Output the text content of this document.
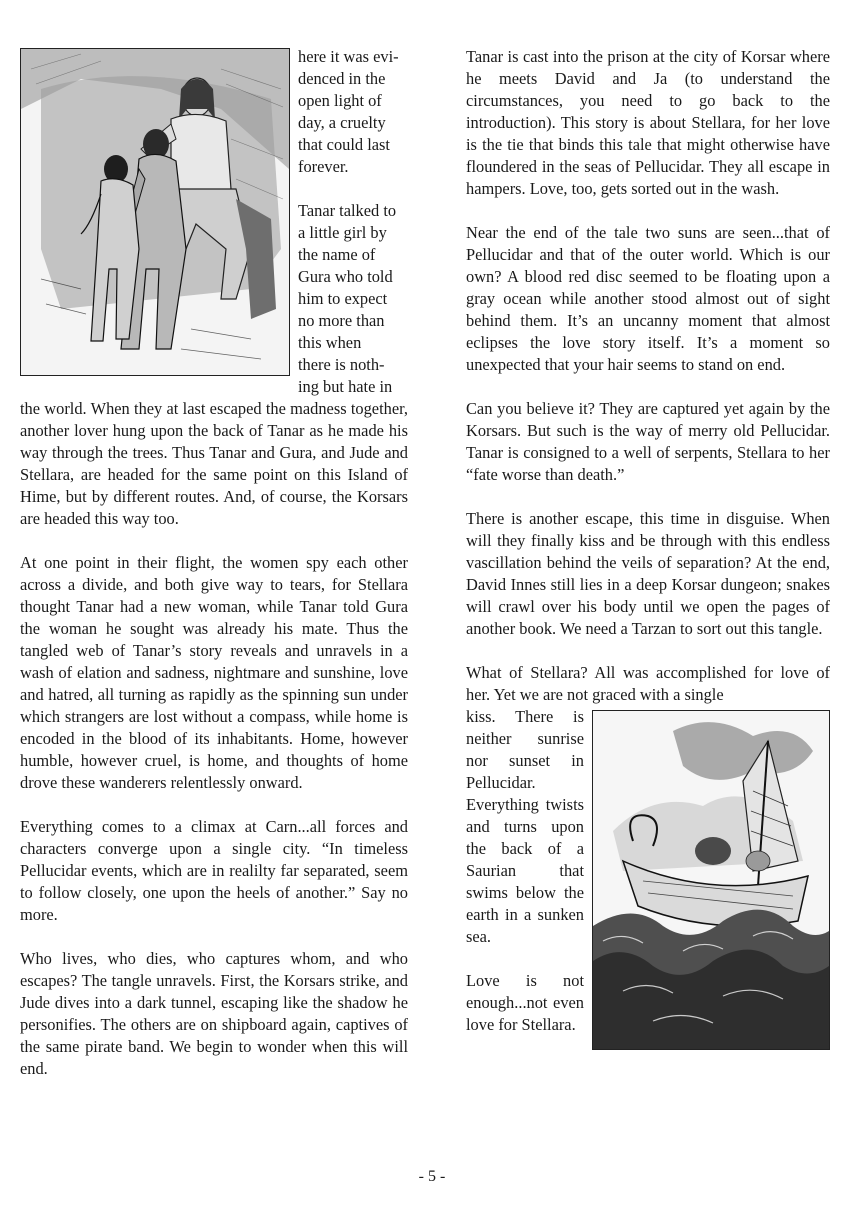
here it was evi-

denced in the

open light of

day, a cruelty

that could last

forever.

Tanar talked to

a little girl by

the name of

Gura who told

him to expect

no more than

this when

there is noth-

ing but hate in

the world. When they at last escaped the madness together, another lover hung upon the back of Tanar as he made his way through the trees. Thus Tanar and Gura, and Jude and Stellara, are headed for the same point on this Island of Hime, but by different routes. And, of course, the Korsars are headed this way too.

At one point in their flight, the women spy each other across a divide, and both give way to tears, for Stellara thought Tanar had a new woman, while Tanar told Gura the woman he sought was already his mate. Thus the tangled web of Tanar’s story reveals and unravels in a wash of elation and sadness, nightmare and sunshine, love and hatred, all turning as rapidly as the spinning sun under which strangers are lost without a compass, while home is encoded in the blood of its inhabitants. Home, however humble, however cruel, is home, and thoughts of home drove these wanderers relentlessly onward.

Everything comes to a climax at Carn...all forces and characters converge upon a single city. “In timeless Pellucidar events, which are in realilty far separated, seem to follow closely, one upon the heels of another.” Say no more.

Who lives, who dies, who captures whom, and who escapes? The tangle unravels. First, the Korsars strike, and Jude dives into a dark tunnel, escaping like the shadow he personifies. The others are on shipboard again, captives of the same pirate band. We begin to wonder when this will end.

Tanar is cast into the prison at the city of Korsar where he meets David and Ja (to understand the circumstances, you need to go back to the introduction). This story is about Stellara, for her love is the tie that binds this tale that might otherwise have floundered in the seas of Pellucidar. They all escape in hampers. Love, too, gets sorted out in the wash.

Near the end of the tale two suns are seen...that of Pellucidar and that of the outer world. Which is our own? A blood red disc seemed to be floating upon a gray ocean while another stood almost out of sight behind them. It’s an uncanny moment that almost eclipses the love story itself. It’s a moment so unexpected that your hair seems to stand on end.

Can you believe it? They are captured yet again by the Korsars. But such is the way of merry old Pellucidar. Tanar is consigned to a well of serpents, Stellara to her “fate worse than death.”

There is another escape, this time in disguise. When will they finally kiss and be through with this endless vascillation behind the veils of separation? At the end, David Innes still lies in a deep Korsar dungeon; snakes will crawl over his body until we open the pages of another book. We need a Tarzan to sort out this tangle.

What of Stellara? All was accomplished for love of her. Yet we are not graced with a single

kiss. There is neither sunrise nor sunset in Pellucidar. Everything twists and turns upon the back of a Saurian that swims below the earth in a sunken sea.

Love is not enough...not even love for Stellara.

- 5 -
